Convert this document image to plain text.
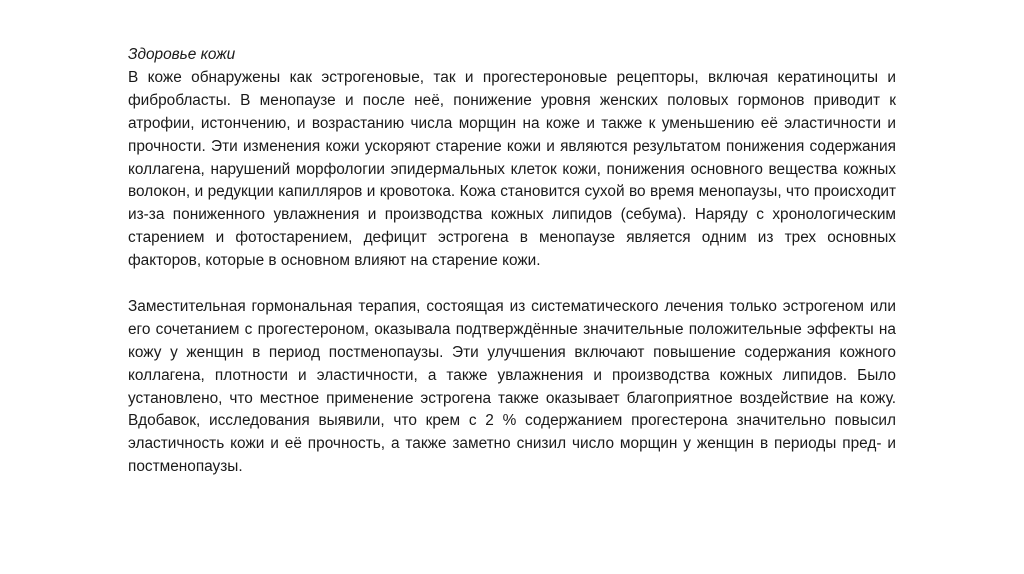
Здоровье кожи

В коже обнаружены как эстрогеновые, так и прогестероновые рецепторы, включая кератиноциты и фибробласты. В менопаузе и после неё, понижение уровня женских половых гормонов приводит к атрофии, истончению, и возрастанию числа морщин на коже и также к уменьшению её эластичности и прочности. Эти изменения кожи ускоряют старение кожи и являются результатом понижения содержания коллагена, нарушений морфологии эпидермальных клеток кожи, понижения основного вещества кожных волокон, и редукции капилляров и кровотока. Кожа становится сухой во время менопаузы, что происходит из-за пониженного увлажнения и производства кожных липидов (себума). Наряду с хронологическим старением и фотостарением, дефицит эстрогена в менопаузе является одним из трех основных факторов, которые в основном влияют на старение кожи.

Заместительная гормональная терапия, состоящая из систематического лечения только эстрогеном или его сочетанием с прогестероном, оказывала подтверждённые значительные положительные эффекты на кожу у женщин в период постменопаузы. Эти улучшения включают повышение содержания кожного коллагена, плотности и эластичности, а также увлажнения и производства кожных липидов. Было установлено, что местное применение эстрогена также оказывает благоприятное воздействие на кожу. Вдобавок, исследования выявили, что крем с 2 % содержанием прогестерона значительно повысил эластичность кожи и её прочность, а также заметно снизил число морщин у женщин в периоды пред- и постменопаузы.
